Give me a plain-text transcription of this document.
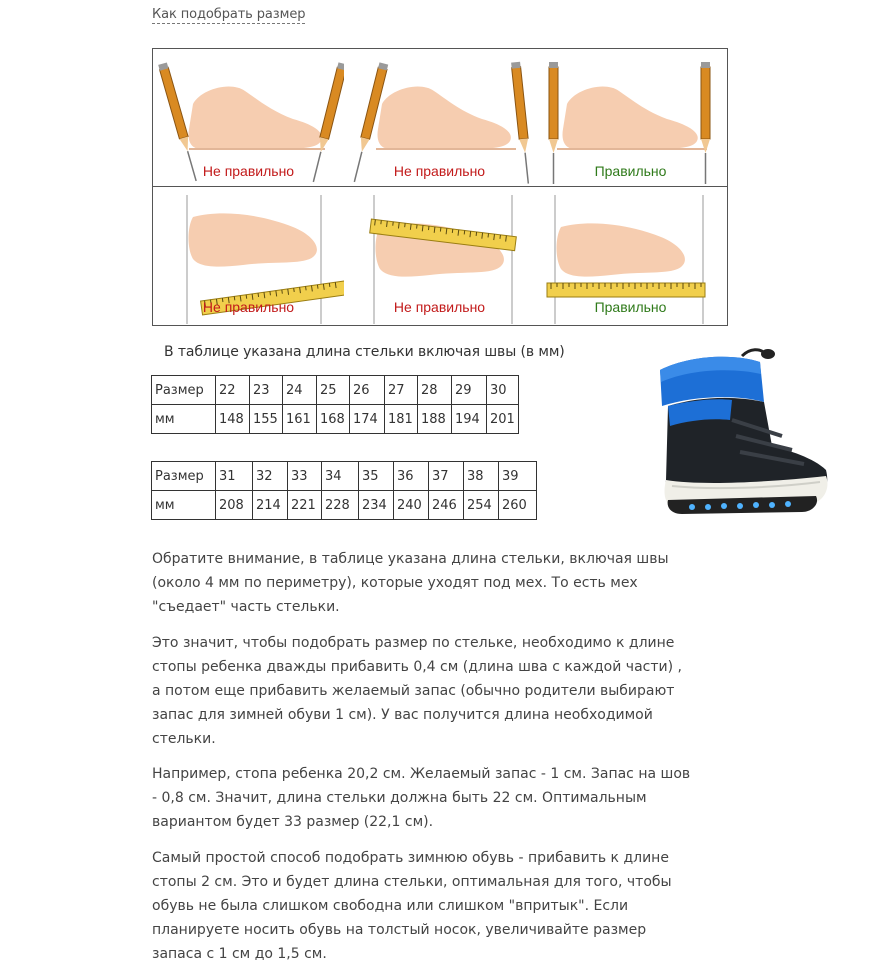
Как подобрать размер
Не правильно	Не правильно	Правильно
Не правильно	Не правильно	Правильно
В таблице указана длина стельки включая швы (в мм)
Размер	22	23	24	25	26	27	28	29	30
мм	148	155	161	168	174	181	188	194	201
Размер	31	32	33	34	35	36	37	38	39
мм	208	214	221	228	234	240	246	254	260
Обратите внимание, в таблице указана длина стельки, включая швы
(около 4 мм по периметру), которые уходят под мех. То есть мех
"съедает" часть стельки.
Это значит, чтобы подобрать размер по стельке, необходимо к длине
стопы ребенка дважды прибавить 0,4 см (длина шва с каждой части) ,
а потом еще прибавить желаемый запас (обычно родители выбирают
запас для зимней обуви 1 см). У вас получится длина необходимой
стельки.
Например, стопа ребенка 20,2 см. Желаемый запас - 1 см. Запас на шов
- 0,8 см. Значит, длина стельки должна быть 22 см. Оптимальным
вариантом будет 33 размер (22,1 см).
Самый простой способ подобрать зимнюю обувь - прибавить к длине
стопы 2 см. Это и будет длина стельки, оптимальная для того, чтобы
обувь не была слишком свободна или слишком "впритык". Если
планируете носить обувь на толстый носок, увеличивайте размер
запаса с 1 см до 1,5 см.
